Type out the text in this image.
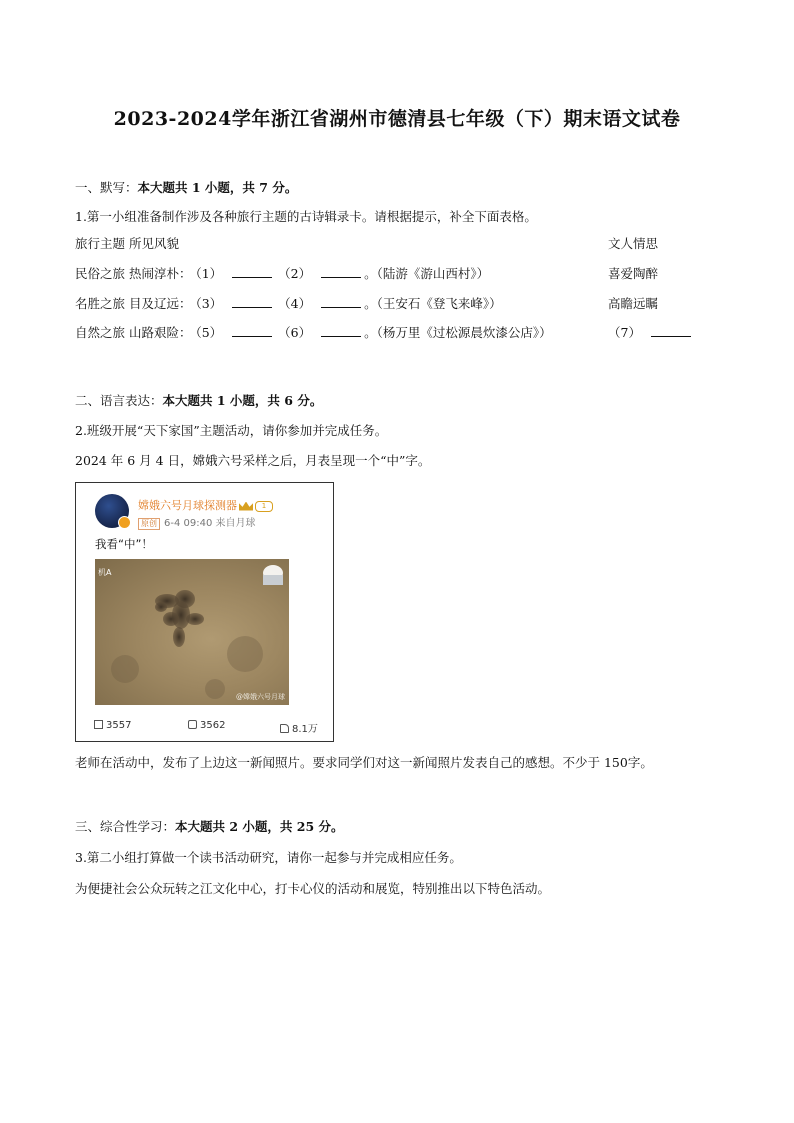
2023-2024学年浙江省湖州市德清县七年级（下）期末语文试卷
一、默写：本大题共 1 小题，共 7 分。
1.第一小组准备制作涉及各种旅行主题的古诗辑录卡。请根据提示，补全下面表格。
旅行主题 所见风貌	文人情思
民俗之旅 热闹淳朴： （1）	（2）	。（陆游《游山西村》）	喜爱陶醉
名胜之旅 目及辽远： （3）	（4）	。（王安石《登飞来峰》）	高瞻远瞩
自然之旅 山路艰险： （5）	（6）	。（杨万里《过松源晨炊漆公店》）	（7）
二、语言表达：本大题共 1 小题，共 6 分。
2.班级开展“天下家国”主题活动，请你参加并完成任务。
2024 年 6 月 4 日，嫦娥六号采样之后，月表呈现一个“中”字。
嫦娥六号月球探测器	1
原创 6-4 09:40 来自月球
我看“中”！
机A
@嫦娥六号月球
3557	3562	8.1万
老师在活动中，发布了上边这一新闻照片。要求同学们对这一新闻照片发表自己的感想。不少于 150字。
三、综合性学习：本大题共 2 小题，共 25 分。
3.第二小组打算做一个读书活动研究，请你一起参与并完成相应任务。
为便捷社会公众玩转之江文化中心，打卡心仪的活动和展览，特别推出以下特色活动。
